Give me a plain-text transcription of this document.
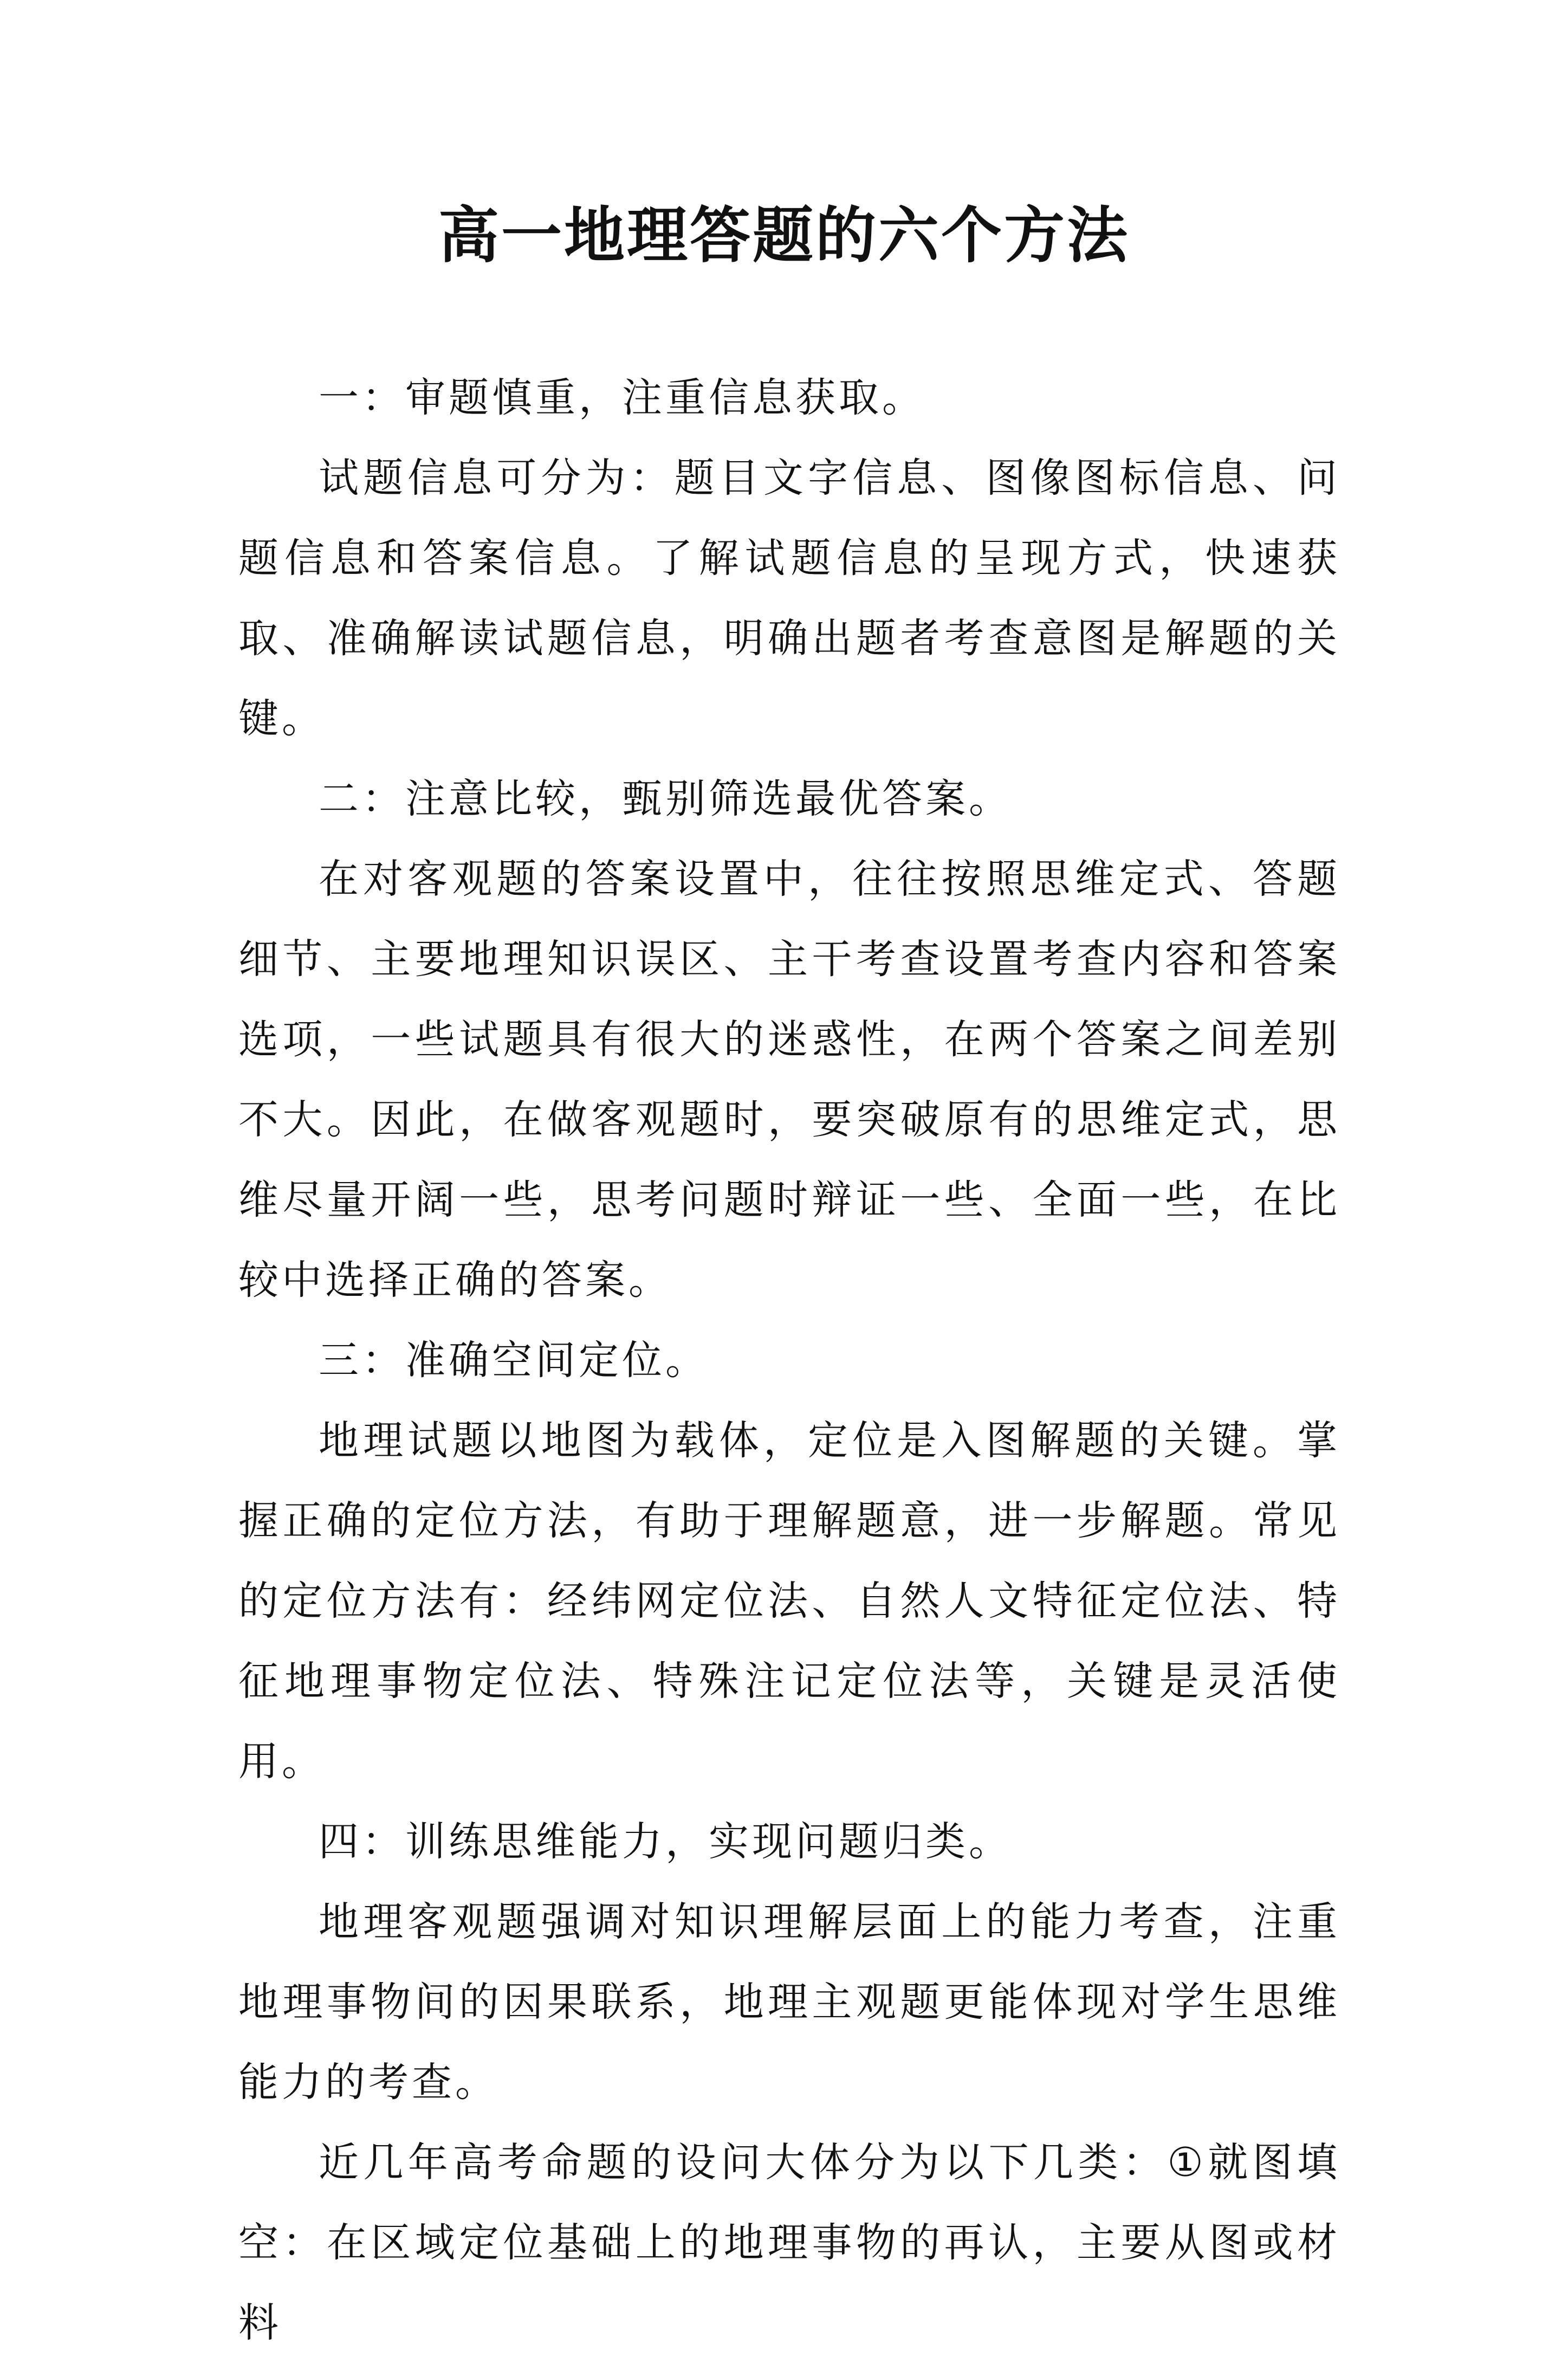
高一地理答题的六个方法

一：审题慎重，注重信息获取。

试题信息可分为：题目文字信息、图像图标信息、问题信息和答案信息。了解试题信息的呈现方式，快速获取、准确解读试题信息，明确出题者考查意图是解题的关键。

二：注意比较，甄别筛选最优答案。

在对客观题的答案设置中，往往按照思维定式、答题细节、主要地理知识误区、主干考查设置考查内容和答案选项，一些试题具有很大的迷惑性，在两个答案之间差别不大。因此，在做客观题时，要突破原有的思维定式，思维尽量开阔一些，思考问题时辩证一些、全面一些，在比较中选择正确的答案。

三：准确空间定位。

地理试题以地图为载体，定位是入图解题的关键。掌握正确的定位方法，有助于理解题意，进一步解题。常见的定位方法有：经纬网定位法、自然人文特征定位法、特征地理事物定位法、特殊注记定位法等，关键是灵活使用。

四：训练思维能力，实现问题归类。

地理客观题强调对知识理解层面上的能力考查，注重地理事物间的因果联系，地理主观题更能体现对学生思维能力的考查。

近几年高考命题的设问大体分为以下几类：①就图填空：在区域定位基础上的地理事物的再认，主要从图或材料
